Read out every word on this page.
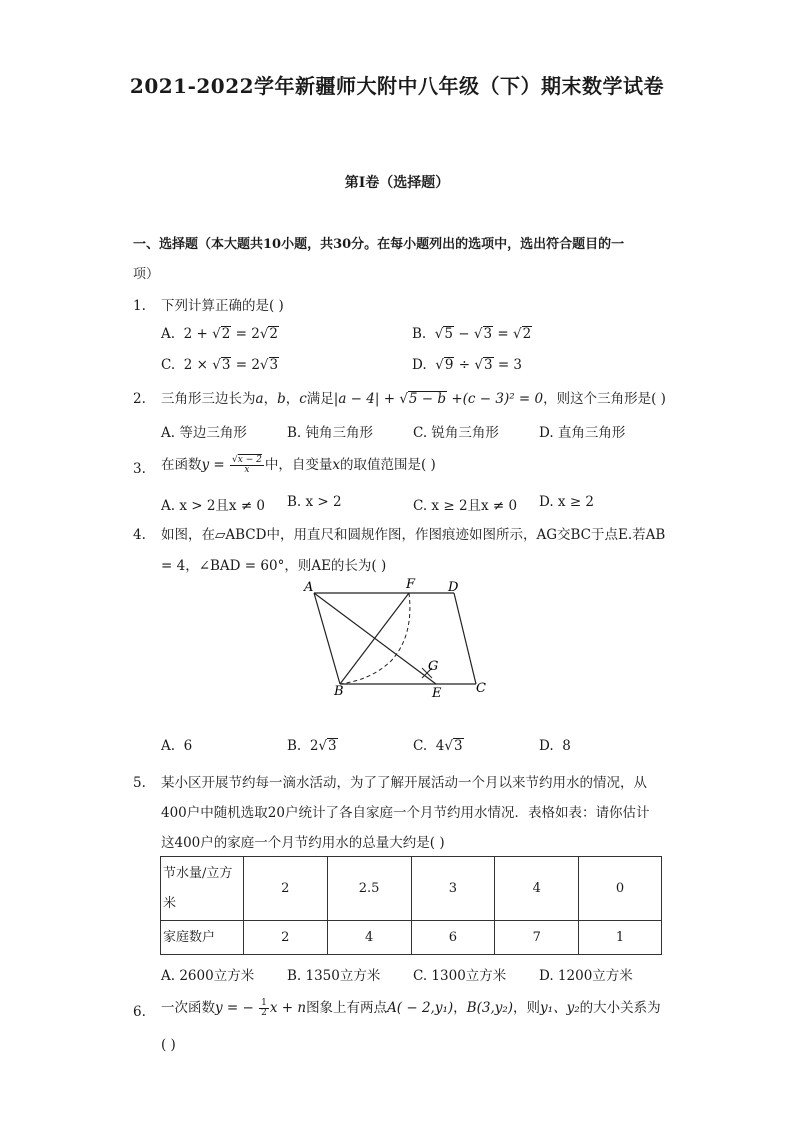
2021-2022学年新疆师大附中八年级（下）期末数学试卷
第I卷（选择题）
一、选择题（本大题共10小题，共30分。在每小题列出的选项中，选出符合题目的一
项）
1. 下列计算正确的是( )
A. 2 + √2 = 2√2	B.  √5 − √3 = √2
C. 2 × √3 = 2√3	D.  √9 ÷ √3 = 3
2. 三角形三边长为a，b，c满足|a − 4| + √5 − b +(c − 3)² = 0，则这个三角形是( )
A. 等边三角形	B. 钝角三角形	C. 锐角三角形	D. 直角三角形
3. 在函数$y = \frac{√x - 2}{x}$ 中，自变量x的取值范围是( )
A. x > 2且x ≠ 0 B. x > 2	C. x ≥ 2且x ≠ 0 D. x ≥ 2
4. 如图，在▱ABCD中，用直尺和圆规作图，作图痕迹如图所示，AG交BC于点E.若AB
= 4，∠BAD = 60°，则AE的长为( )
A	F	D
G
B	E	C
A. 6	B. 2√3	C. 4√3	D. 8
5. 某小区开展节约每一滴水活动，为了了解开展活动一个月以来节约用水的情况，从
400户中随机选取20户统计了各自家庭一个月节约用水情况．表格如表：请你估计
这400户的家庭一个月节约用水的总量大约是( )
节水量/立方
米	2	2.5	3	4	0
家庭数户	2	4	6	7	1
A. 2600立方米 B. 1350立方米 C. 1300立方米 D. 1200立方米
6. 一次函数y = − $\frac{1}{2}$ x + n图象上有两点A( − 2,y₁)，B(3,y₂)，则y₁、y₂的大小关系为
( )
